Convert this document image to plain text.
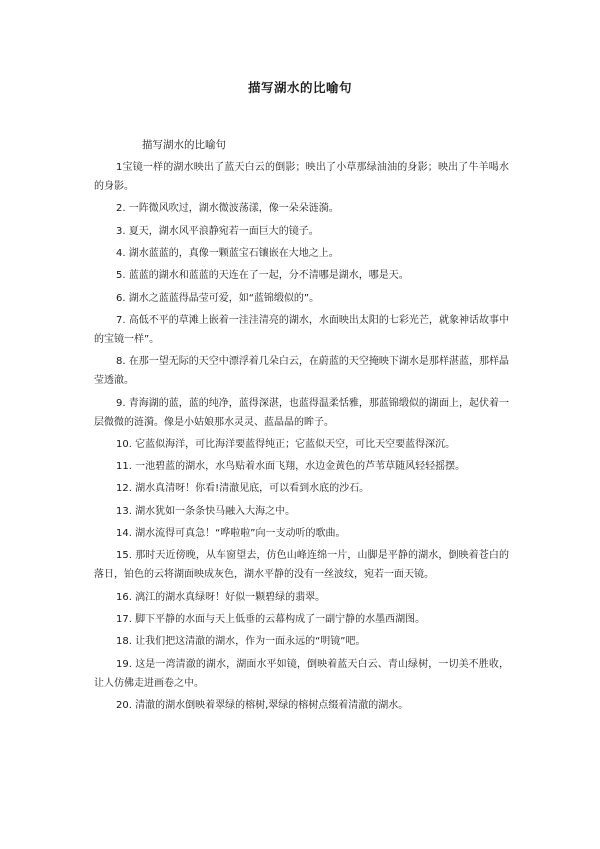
描写湖水的比喻句
描写湖水的比喻句

1宝镜一样的湖水映出了蓝天白云的倒影；映出了小草那绿油油的身影；映出了牛羊喝水的身影。

2. 一阵微风吹过，湖水微波荡漾，像一朵朵涟漪。

3. 夏天，湖水风平浪静宛若一面巨大的镜子。

4. 湖水蓝蓝的，真像一颗蓝宝石镶嵌在大地之上。

5. 蓝蓝的湖水和蓝蓝的天连在了一起，分不清哪是湖水，哪是天。

6. 湖水之蓝蓝得晶莹可爱，如“蓝锦缎似的”。

7. 高低不平的草滩上嵌着一洼洼清亮的湖水，水面映出太阳的七彩光芒，就象神话故事中的宝镜一样”。

8. 在那一望无际的天空中漂浮着几朵白云，在蔚蓝的天空掩映下湖水是那样湛蓝，那样晶莹透澈。

9. 青海湖的蓝，蓝的纯净，蓝得深湛，也蓝得温柔恬雅，那蓝锦缎似的湖面上，起伏着一层微微的涟漪。像是小姑娘那水灵灵、蓝晶晶的眸子。

10. 它蓝似海洋，可比海洋要蓝得纯正；它蓝似天空，可比天空要蓝得深沉。

11. 一池碧蓝的湖水，水鸟贴着水面飞翔，水边金黄色的芦苇草随风轻轻摇摆。

12. 湖水真清呀！你看!清澈见底，可以看到水底的沙石。

13. 湖水犹如一条条快马融入大海之中。

14. 湖水流得可真急！“哗啦啦”向一支动听的歌曲。

15. 那时天近傍晚，从车窗望去，仿色山峰连绵一片，山脚是平静的湖水，倒映着苍白的落日，铂色的云将湖面映成灰色，湖水平静的没有一丝波纹，宛若一面天镜。

16. 漓江的湖水真绿呀！好似一颗碧绿的翡翠。

17. 脚下平静的水面与天上低垂的云幕构成了一副宁静的水墨西湖图。

18. 让我们把这清澈的湖水，作为一面永远的“明镜”吧。

19. 这是一湾清澈的湖水，湖面水平如镜，倒映着蓝天白云、青山绿树，一切美不胜收，让人仿佛走进画卷之中。

20. 清澈的湖水倒映着翠绿的榕树,翠绿的榕树点缀着清澈的湖水。
